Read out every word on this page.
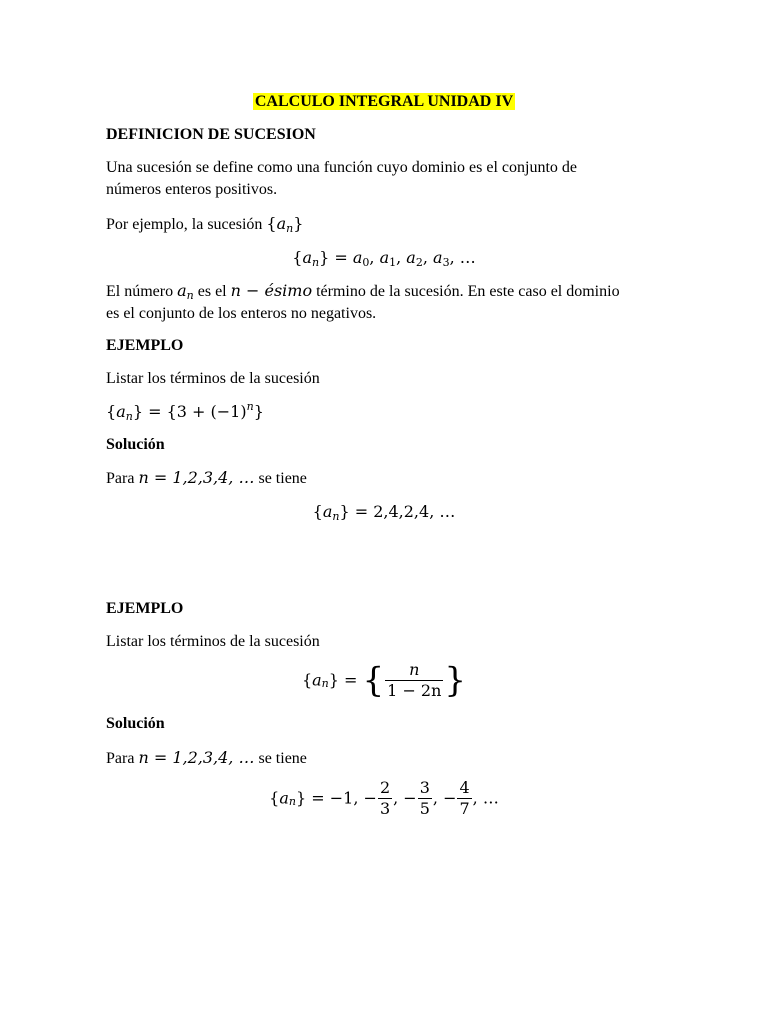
CALCULO INTEGRAL UNIDAD IV
DEFINICION DE SUCESION
Una sucesión se define como una función cuyo dominio es el conjunto de
números enteros positivos.
Por ejemplo, la sucesión $\{a_n\}$
$\{a_n\} = a_0$, $a_1$, $a_2$, $a_3$, …
El número $a_n$ es el n − ésimo término de la sucesión. En este caso el dominio
es el conjunto de los enteros no negativos.
EJEMPLO
Listar los términos de la sucesión
$\{a_n\} = \{3 + (-1)^n\}$
Solución
Para n = 1,2,3,4, … se tiene
$\{a_n\} = 2,4,2,4$, …
EJEMPLO
Listar los términos de la sucesión
$\{a_n\}$ = { $\frac{n}{1 - 2n}$ }
Solución
Para n = 1,2,3,4, … se tiene
$\{a_n\} = -1$, − $\frac{2}{3}$ , − $\frac{3}{5}$ , − $\frac{4}{7}$ , …
